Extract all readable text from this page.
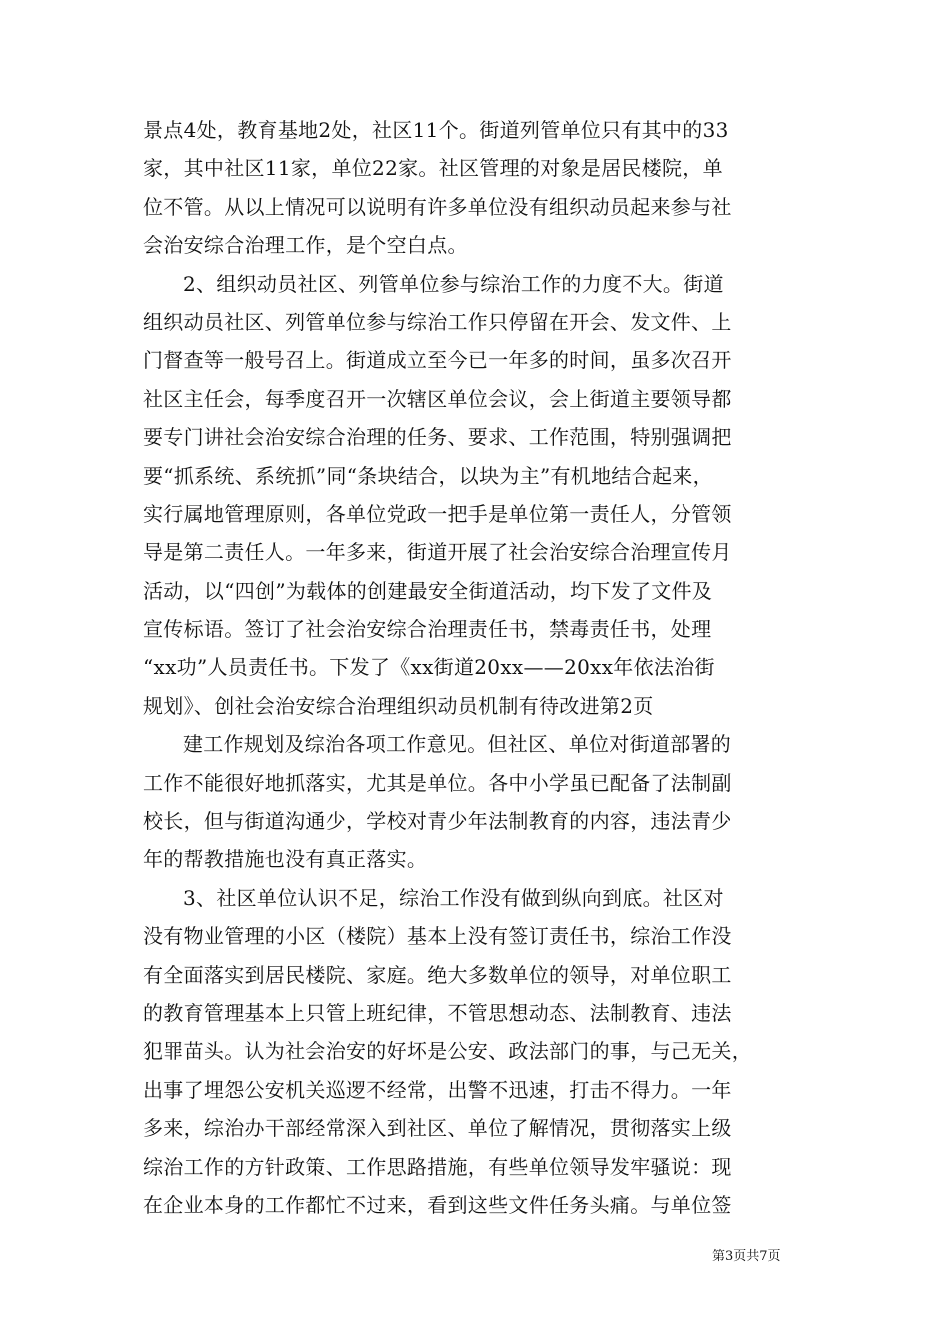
景点4处，教育基地2处，社区11个。街道列管单位只有其中的33
家，其中社区11家，单位22家。社区管理的对象是居民楼院，单
位不管。从以上情况可以说明有许多单位没有组织动员起来参与社
会治安综合治理工作，是个空白点。
2、组织动员社区、列管单位参与综治工作的力度不大。街道
组织动员社区、列管单位参与综治工作只停留在开会、发文件、上
门督查等一般号召上。街道成立至今已一年多的时间，虽多次召开
社区主任会，每季度召开一次辖区单位会议，会上街道主要领导都
要专门讲社会治安综合治理的任务、要求、工作范围，特别强调把
要“抓系统、系统抓”同“条块结合，以块为主”有机地结合起来，
实行属地管理原则，各单位党政一把手是单位第一责任人，分管领
导是第二责任人。一年多来，街道开展了社会治安综合治理宣传月
活动，以“四创”为载体的创建最安全街道活动，均下发了文件及
宣传标语。签订了社会治安综合治理责任书，禁毒责任书，处理
“xx功”人员责任书。下发了《xx街道20xx——20xx年依法治街
规划》、创社会治安综合治理组织动员机制有待改进第2页
建工作规划及综治各项工作意见。但社区、单位对街道部署的
工作不能很好地抓落实，尤其是单位。各中小学虽已配备了法制副
校长，但与街道沟通少，学校对青少年法制教育的内容，违法青少
年的帮教措施也没有真正落实。
3、社区单位认识不足，综治工作没有做到纵向到底。社区对
没有物业管理的小区（楼院）基本上没有签订责任书，综治工作没
有全面落实到居民楼院、家庭。绝大多数单位的领导，对单位职工
的教育管理基本上只管上班纪律，不管思想动态、法制教育、违法
犯罪苗头。认为社会治安的好坏是公安、政法部门的事，与己无关，
出事了埋怨公安机关巡逻不经常，出警不迅速，打击不得力。一年
多来，综治办干部经常深入到社区、单位了解情况，贯彻落实上级
综治工作的方针政策、工作思路措施，有些单位领导发牢骚说：现
在企业本身的工作都忙不过来，看到这些文件任务头痛。与单位签
第3页共7页
